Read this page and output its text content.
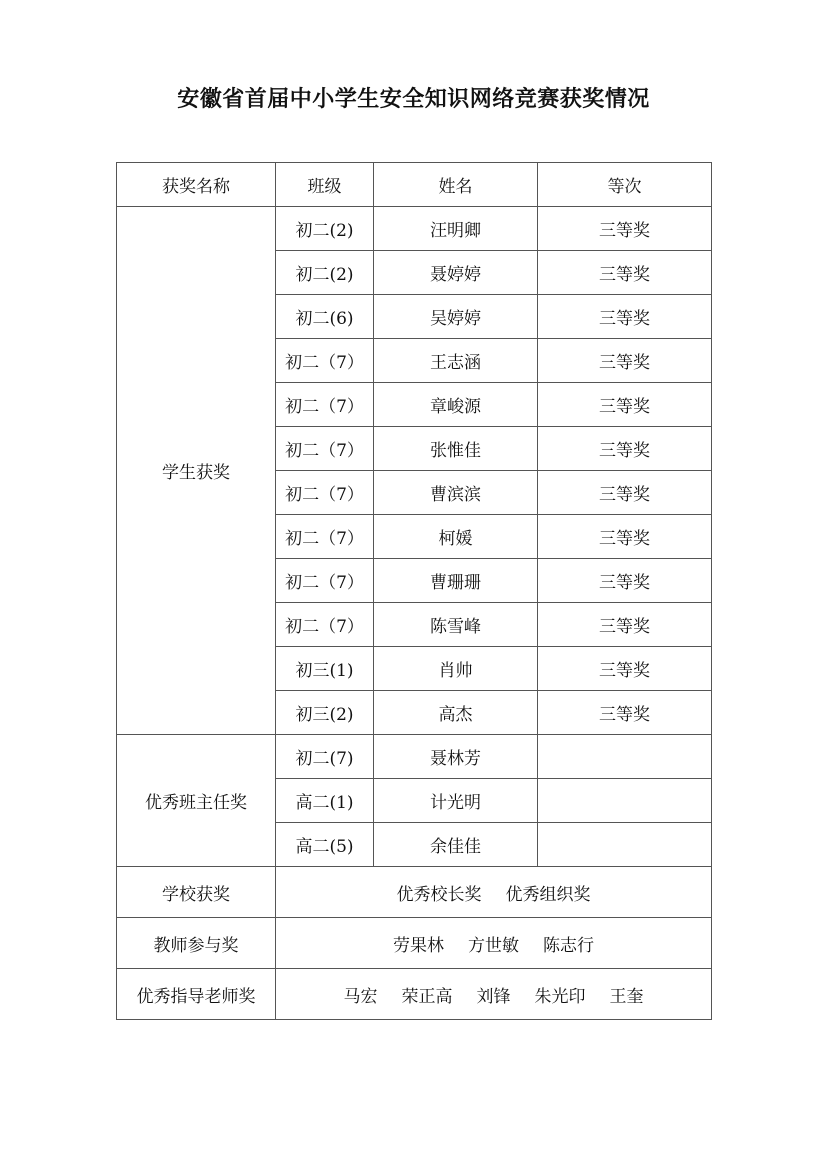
安徽省首届中小学生安全知识网络竞赛获奖情况
获奖名称	班级	姓名	等次
学生获奖	初二(2)	汪明卿	三等奖
	初二(2)	聂婷婷	三等奖
	初二(6)	吴婷婷	三等奖
	初二（7）	王志涵	三等奖
	初二（7）	章峻源	三等奖
	初二（7）	张惟佳	三等奖
	初二（7）	曹滨滨	三等奖
	初二（7）	柯媛	三等奖
	初二（7）	曹珊珊	三等奖
	初二（7）	陈雪峰	三等奖
	初三(1)	肖帅	三等奖
	初三(2)	高杰	三等奖
优秀班主任奖	初二(7)	聂林芳	
	高二(1)	计光明	
	高二(5)	余佳佳	
学校获奖	优秀校长奖 优秀组织奖		
教师参与奖	劳果林 方世敏 陈志行		
优秀指导老师奖	马宏 荣正高 刘锋 朱光印 王奎		
